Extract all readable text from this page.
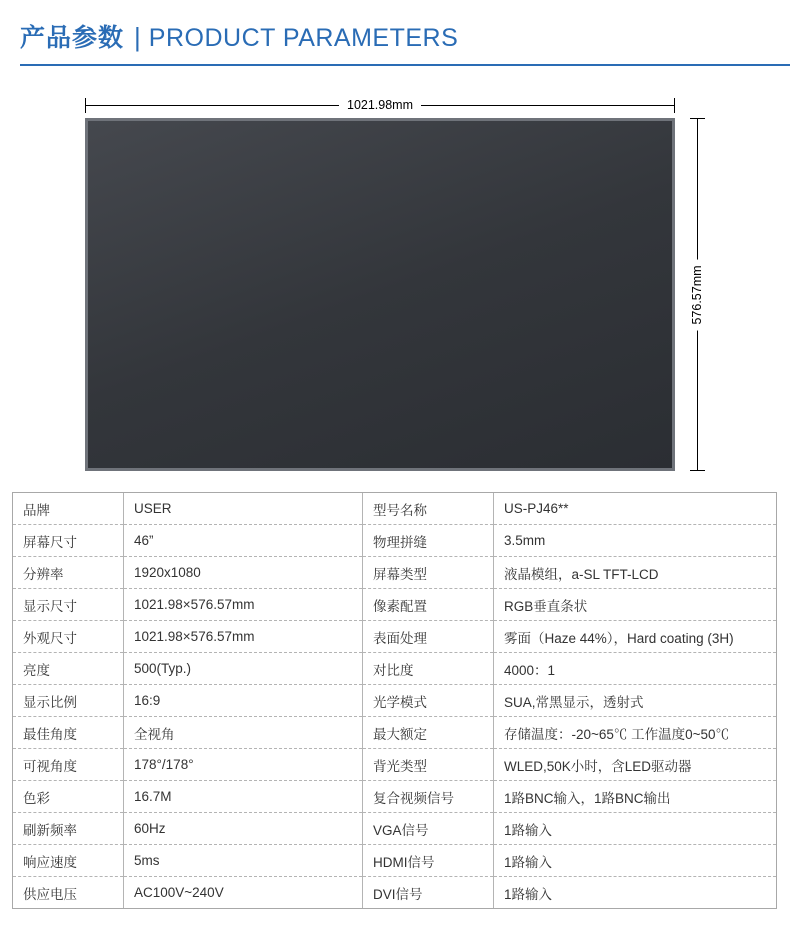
产品参数 | PRODUCT PARAMETERS
1021.98mm
576.57mm
品牌	USER	型号名称	US-PJ46**
屏幕尺寸	46”	物理拼缝	3.5mm
分辨率	1920x1080	屏幕类型	液晶模组，a-SL TFT-LCD
显示尺寸	1021.98×576.57mm	像素配置	RGB垂直条状
外观尺寸	1021.98×576.57mm	表面处理	雾面（Haze 44%），Hard coating (3H)
亮度	500(Typ.)	对比度	4000：1
显示比例	16:9	光学模式	SUA,常黑显示，透射式
最佳角度	全视角	最大额定	存储温度：-20~65℃ 工作温度0~50℃
可视角度	178°/178°	背光类型	WLED,50K小时，含LED驱动器
色彩	16.7M	复合视频信号	1路BNC输入，1路BNC输出
刷新频率	60Hz	VGA信号	1路输入
响应速度	5ms	HDMI信号	1路输入
供应电压	AC100V~240V	DVI信号	1路输入
